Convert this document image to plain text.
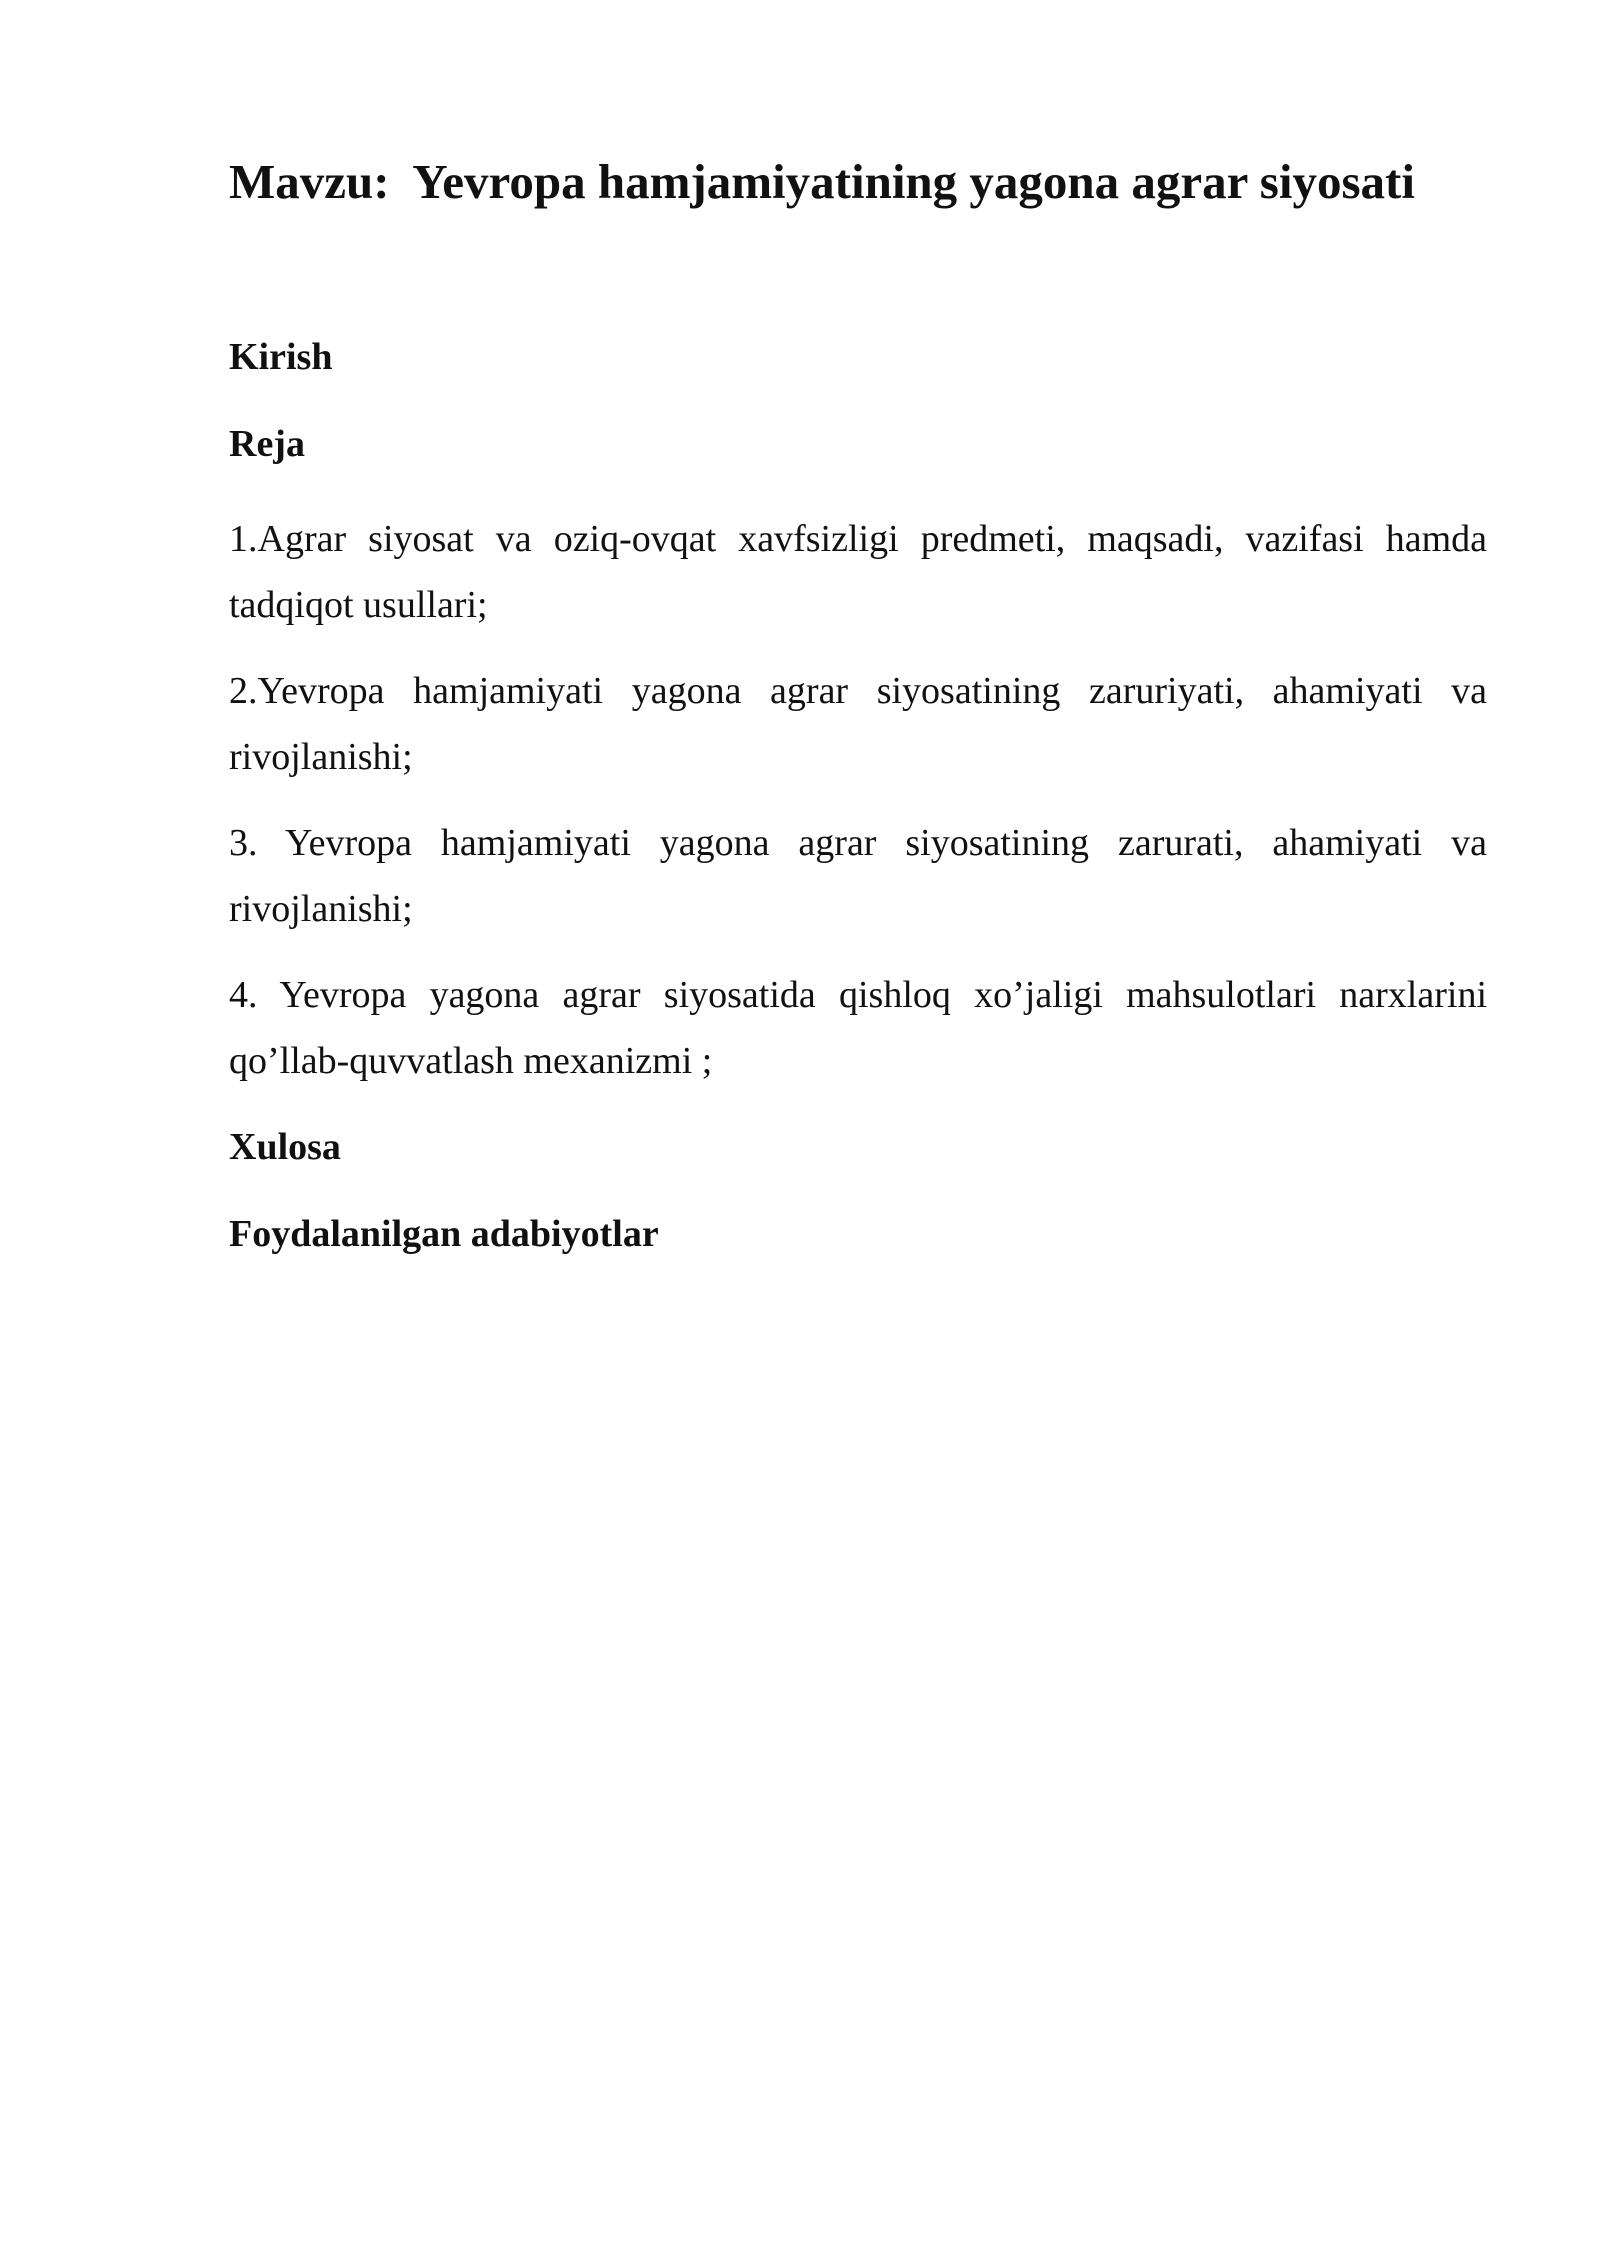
Mavzu:  Yevropa hamjamiyatining yagona agrar siyosati

Kirish

Reja

1.Agrar siyosat va oziq-ovqat xavfsizligi predmeti, maqsadi, vazifasi hamda tadqiqot usullari;
2.Yevropa hamjamiyati yagona agrar siyosatining zaruriyati, ahamiyati va rivojlanishi;
3. Yevropa hamjamiyati yagona agrar siyosatining zarurati, ahamiyati va rivojlanishi;
4. Yevropa yagona agrar siyosatida qishloq xo’jaligi mahsulotlari narxlarini qo’llab-quvvatlash mexanizmi ;

Xulosa

Foydalanilgan adabiyotlar
